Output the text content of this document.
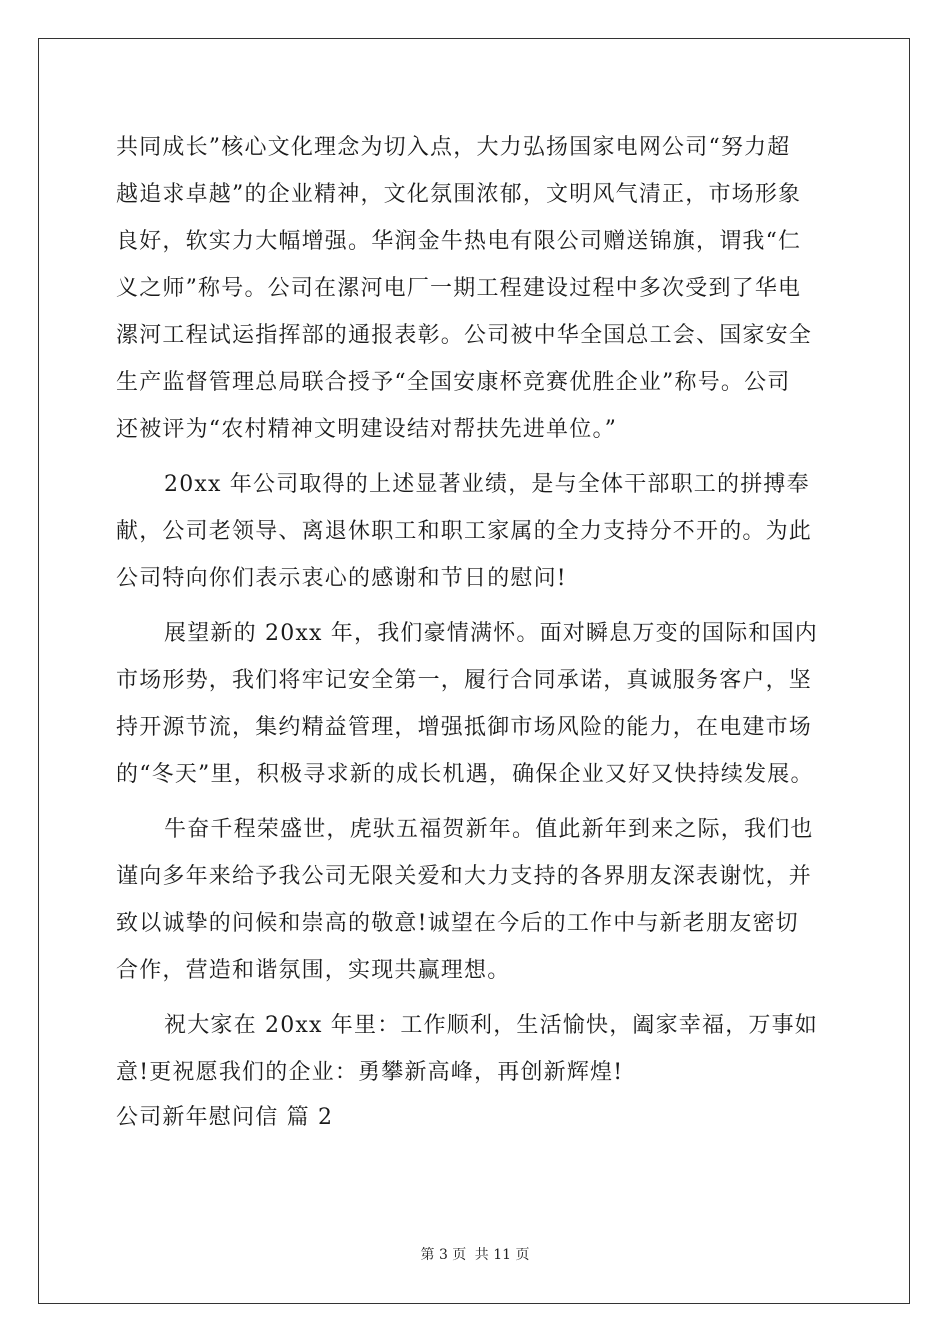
共同成长”核心文化理念为切入点，大力弘扬国家电网公司“努力超
越追求卓越”的企业精神，文化氛围浓郁，文明风气清正，市场形象
良好，软实力大幅增强。华润金牛热电有限公司赠送锦旗，谓我“仁
义之师”称号。公司在漯河电厂一期工程建设过程中多次受到了华电
漯河工程试运指挥部的通报表彰。公司被中华全国总工会、国家安全
生产监督管理总局联合授予“全国安康杯竞赛优胜企业”称号。公司
还被评为“农村精神文明建设结对帮扶先进单位。”
20xx 年公司取得的上述显著业绩，是与全体干部职工的拼搏奉
献，公司老领导、离退休职工和职工家属的全力支持分不开的。为此
公司特向你们表示衷心的感谢和节日的慰问!
展望新的 20xx 年，我们豪情满怀。面对瞬息万变的国际和国内
市场形势，我们将牢记安全第一，履行合同承诺，真诚服务客户，坚
持开源节流，集约精益管理，增强抵御市场风险的能力，在电建市场
的“冬天”里，积极寻求新的成长机遇，确保企业又好又快持续发展。
牛奋千程荣盛世，虎驮五福贺新年。值此新年到来之际，我们也
谨向多年来给予我公司无限关爱和大力支持的各界朋友深表谢忱，并
致以诚挚的问候和崇高的敬意!诚望在今后的工作中与新老朋友密切
合作，营造和谐氛围，实现共赢理想。
祝大家在 20xx 年里：工作顺利，生活愉快，阖家幸福，万事如
意!更祝愿我们的企业：勇攀新高峰，再创新辉煌!
公司新年慰问信 篇 2
第 3 页 共 11 页
